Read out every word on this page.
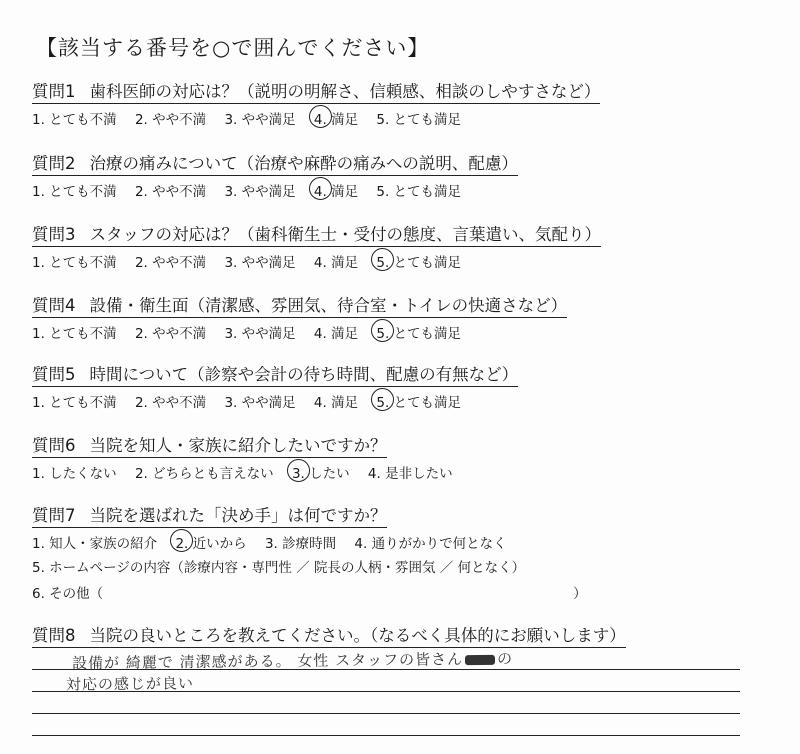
【該当する番号を○で囲んでください】
質問1 歯科医師の対応は？（説明の明解さ、信頼感、相談のしやすさなど）
1. とても不満 2. やや不満 3. やや満足 4. 満足 5. とても満足
質問2 治療の痛みについて（治療や麻酔の痛みへの説明、配慮）
1. とても不満 2. やや不満 3. やや満足 4. 満足 5. とても満足
質問3 スタッフの対応は？（歯科衛生士・受付の態度、言葉遣い、気配り）
1. とても不満 2. やや不満 3. やや満足 4. 満足 5. とても満足
質問4 設備・衛生面（清潔感、雰囲気、待合室・トイレの快適さなど）
1. とても不満 2. やや不満 3. やや満足 4. 満足 5. とても満足
質問5 時間について（診察や会計の待ち時間、配慮の有無など）
1. とても不満 2. やや不満 3. やや満足 4. 満足 5. とても満足
質問6 当院を知人・家族に紹介したいですか？
1. したくない 2. どちらとも言えない 3. したい 4. 是非したい
質問7 当院を選ばれた「決め手」は何ですか？
1. 知人・家族の紹介 2. 近いから 3. 診療時間 4. 通りがかりで何となく
5. ホームページの内容（診療内容・専門性 ／ 院長の人柄・雰囲気 ／ 何となく）
6. その他（	）
質問8 当院の良いところを教えてください。（なるべく具体的にお願いします）
設備が 綺麗で 清潔感がある。 女性 スタッフの皆さん の
対応の感じが良い
